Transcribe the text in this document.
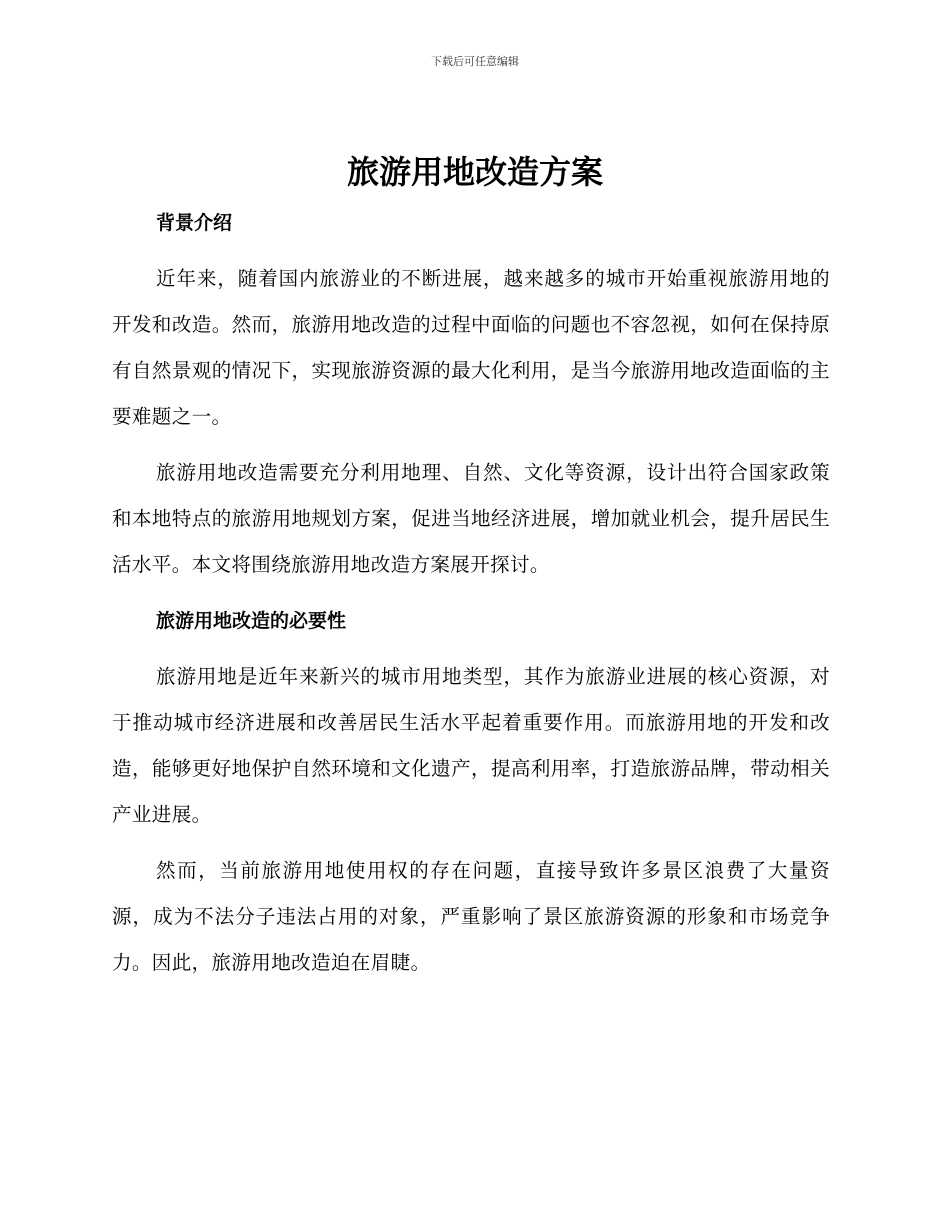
下载后可任意编辑
旅游用地改造方案
背景介绍

近年来，随着国内旅游业的不断进展，越来越多的城市开始重视旅游用地的开发和改造。然而，旅游用地改造的过程中面临的问题也不容忽视，如何在保持原有自然景观的情况下，实现旅游资源的最大化利用，是当今旅游用地改造面临的主要难题之一。

旅游用地改造需要充分利用地理、自然、文化等资源，设计出符合国家政策和本地特点的旅游用地规划方案，促进当地经济进展，增加就业机会，提升居民生活水平。本文将围绕旅游用地改造方案展开探讨。

旅游用地改造的必要性

旅游用地是近年来新兴的城市用地类型，其作为旅游业进展的核心资源，对于推动城市经济进展和改善居民生活水平起着重要作用。而旅游用地的开发和改造，能够更好地保护自然环境和文化遗产，提高利用率，打造旅游品牌，带动相关产业进展。

然而，当前旅游用地使用权的存在问题，直接导致许多景区浪费了大量资源，成为不法分子违法占用的对象，严重影响了景区旅游资源的形象和市场竞争力。因此，旅游用地改造迫在眉睫。
